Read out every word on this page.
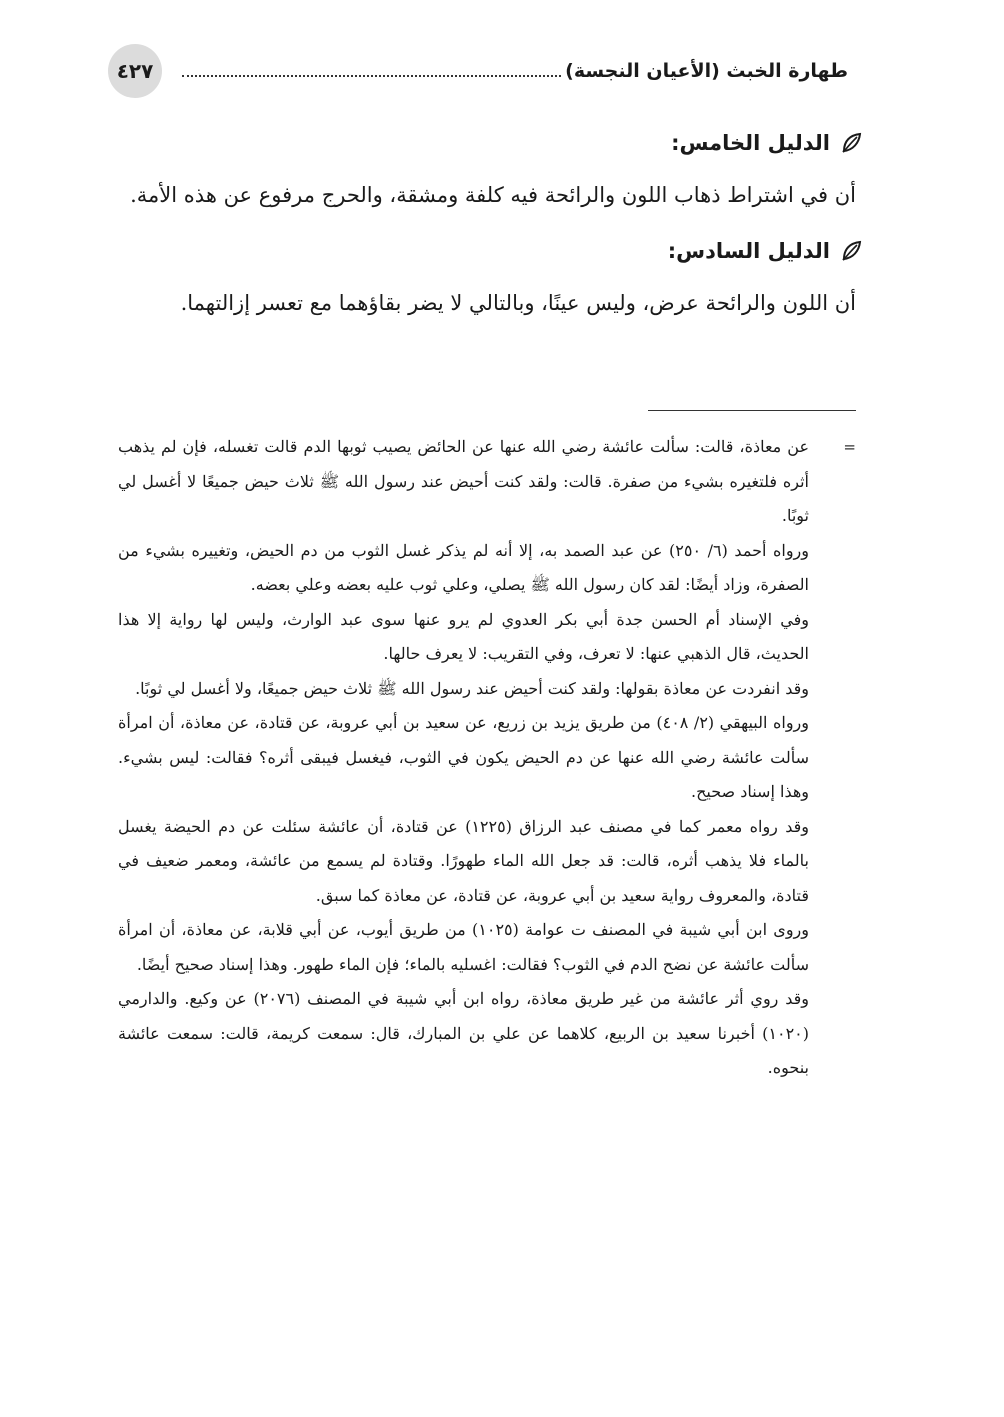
٤٢٧	طهارة الخبث (الأعيان النجسة)
الدليل الخامس:

أن في اشتراط ذهاب اللون والرائحة فيه كلفة ومشقة، والحرج مرفوع عن هذه الأمة.

الدليل السادس:

أن اللون والرائحة عرض، وليس عينًا، وبالتالي لا يضر بقاؤهما مع تعسر إزالتهما.

=

عن معاذة، قالت: سألت عائشة رضي الله عنها عن الحائض يصيب ثوبها الدم قالت تغسله، فإن لم يذهب أثره فلتغيره بشيء من صفرة. قالت: ولقد كنت أحيض عند رسول الله ﷺ ثلاث حيض جميعًا لا أغسل لي ثوبًا.

ورواه أحمد (٦/ ٢٥٠) عن عبد الصمد به، إلا أنه لم يذكر غسل الثوب من دم الحيض، وتغييره بشيء من الصفرة، وزاد أيضًا: لقد كان رسول الله ﷺ يصلي، وعلي ثوب عليه بعضه وعلي بعضه.

وفي الإسناد أم الحسن جدة أبي بكر العدوي لم يرو عنها سوى عبد الوارث، وليس لها رواية إلا هذا الحديث، قال الذهبي عنها: لا تعرف، وفي التقريب: لا يعرف حالها.

وقد انفردت عن معاذة بقولها: ولقد كنت أحيض عند رسول الله ﷺ ثلاث حيض جميعًا، ولا أغسل لي ثوبًا.

ورواه البيهقي (٢/ ٤٠٨) من طريق يزيد بن زريع، عن سعيد بن أبي عروبة، عن قتادة، عن معاذة، أن امرأة سألت عائشة رضي الله عنها عن دم الحيض يكون في الثوب، فيغسل فيبقى أثره؟ فقالت: ليس بشيء. وهذا إسناد صحيح.

وقد رواه معمر كما في مصنف عبد الرزاق (١٢٢٥) عن قتادة، أن عائشة سئلت عن دم الحيضة يغسل بالماء فلا يذهب أثره، قالت: قد جعل الله الماء طهورًا. وقتادة لم يسمع من عائشة، ومعمر ضعيف في قتادة، والمعروف رواية سعيد بن أبي عروبة، عن قتادة، عن معاذة كما سبق.

وروى ابن أبي شيبة في المصنف ت عوامة (١٠٢٥) من طريق أيوب، عن أبي قلابة، عن معاذة، أن امرأة سألت عائشة عن نضح الدم في الثوب؟ فقالت: اغسليه بالماء؛ فإن الماء طهور. وهذا إسناد صحيح أيضًا.

وقد روي أثر عائشة من غير طريق معاذة، رواه ابن أبي شيبة في المصنف (٢٠٧٦) عن وكيع. والدارمي (١٠٢٠) أخبرنا سعيد بن الربيع، كلاهما عن علي بن المبارك، قال: سمعت كريمة، قالت: سمعت عائشة بنحوه.
